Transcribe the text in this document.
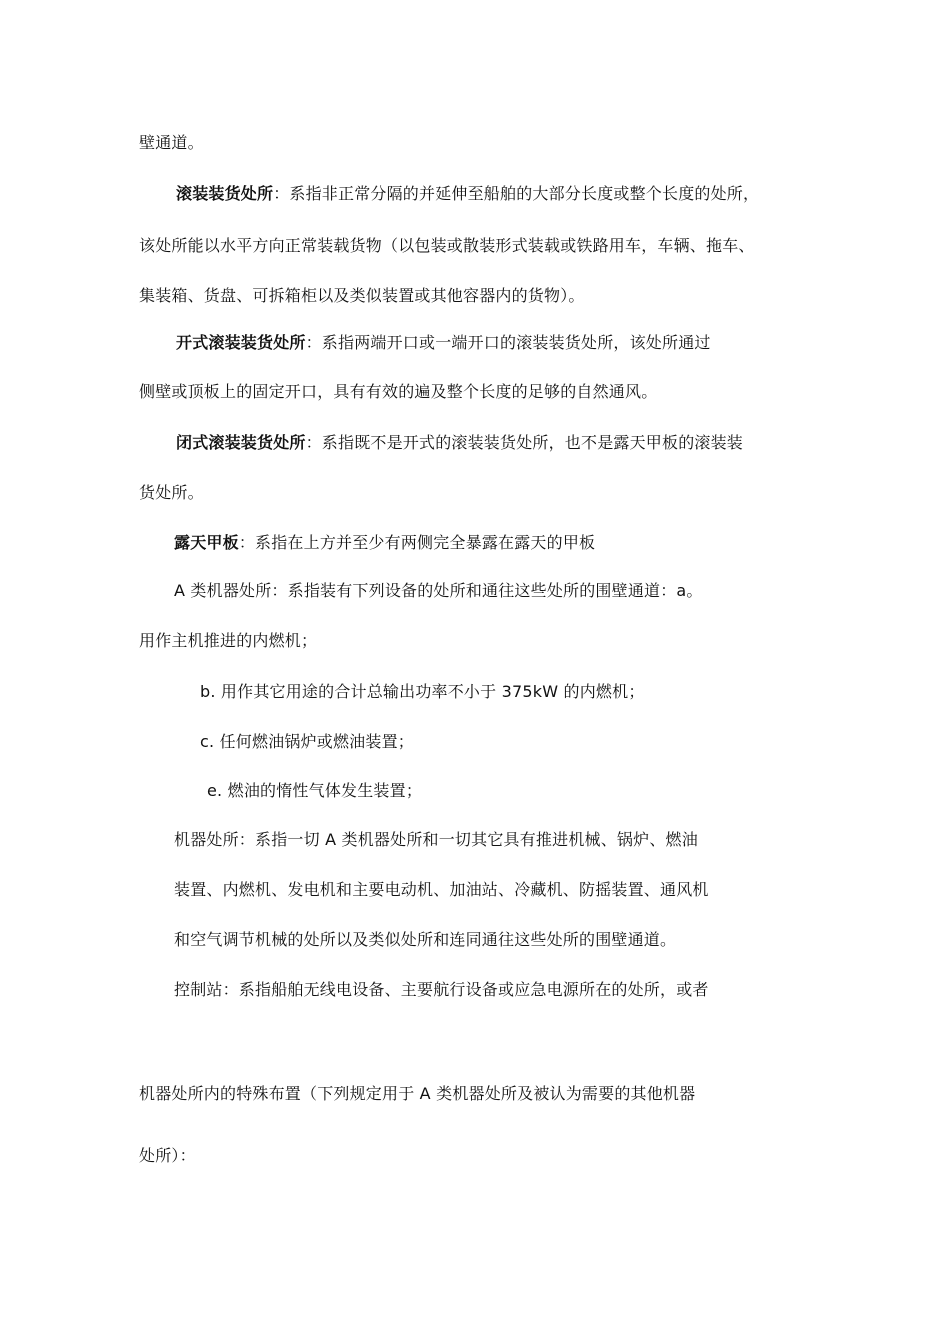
壁通道。
滚装装货处所：系指非正常分隔的并延伸至船舶的大部分长度或整个长度的处所，
该处所能以水平方向正常装载货物（以包装或散装形式装载或铁路用车，车辆、拖车、
集装箱、货盘、可拆箱柜以及类似装置或其他容器内的货物）。
开式滚装装货处所：系指两端开口或一端开口的滚装装货处所，该处所通过
侧壁或顶板上的固定开口，具有有效的遍及整个长度的足够的自然通风。
闭式滚装装货处所：系指既不是开式的滚装装货处所，也不是露天甲板的滚装装
货处所。
露天甲板：系指在上方并至少有两侧完全暴露在露天的甲板
A 类机器处所：系指装有下列设备的处所和通往这些处所的围壁通道：a。
用作主机推进的内燃机；
b. 用作其它用途的合计总输出功率不小于 375kW 的内燃机；
c. 任何燃油锅炉或燃油装置；
e. 燃油的惰性气体发生装置；
机器处所：系指一切 A 类机器处所和一切其它具有推进机械、锅炉、燃油
装置、内燃机、发电机和主要电动机、加油站、冷藏机、防摇装置、通风机
和空气调节机械的处所以及类似处所和连同通往这些处所的围壁通道。
控制站：系指船舶无线电设备、主要航行设备或应急电源所在的处所，或者
机器处所内的特殊布置（下列规定用于 A 类机器处所及被认为需要的其他机器
处所）：
